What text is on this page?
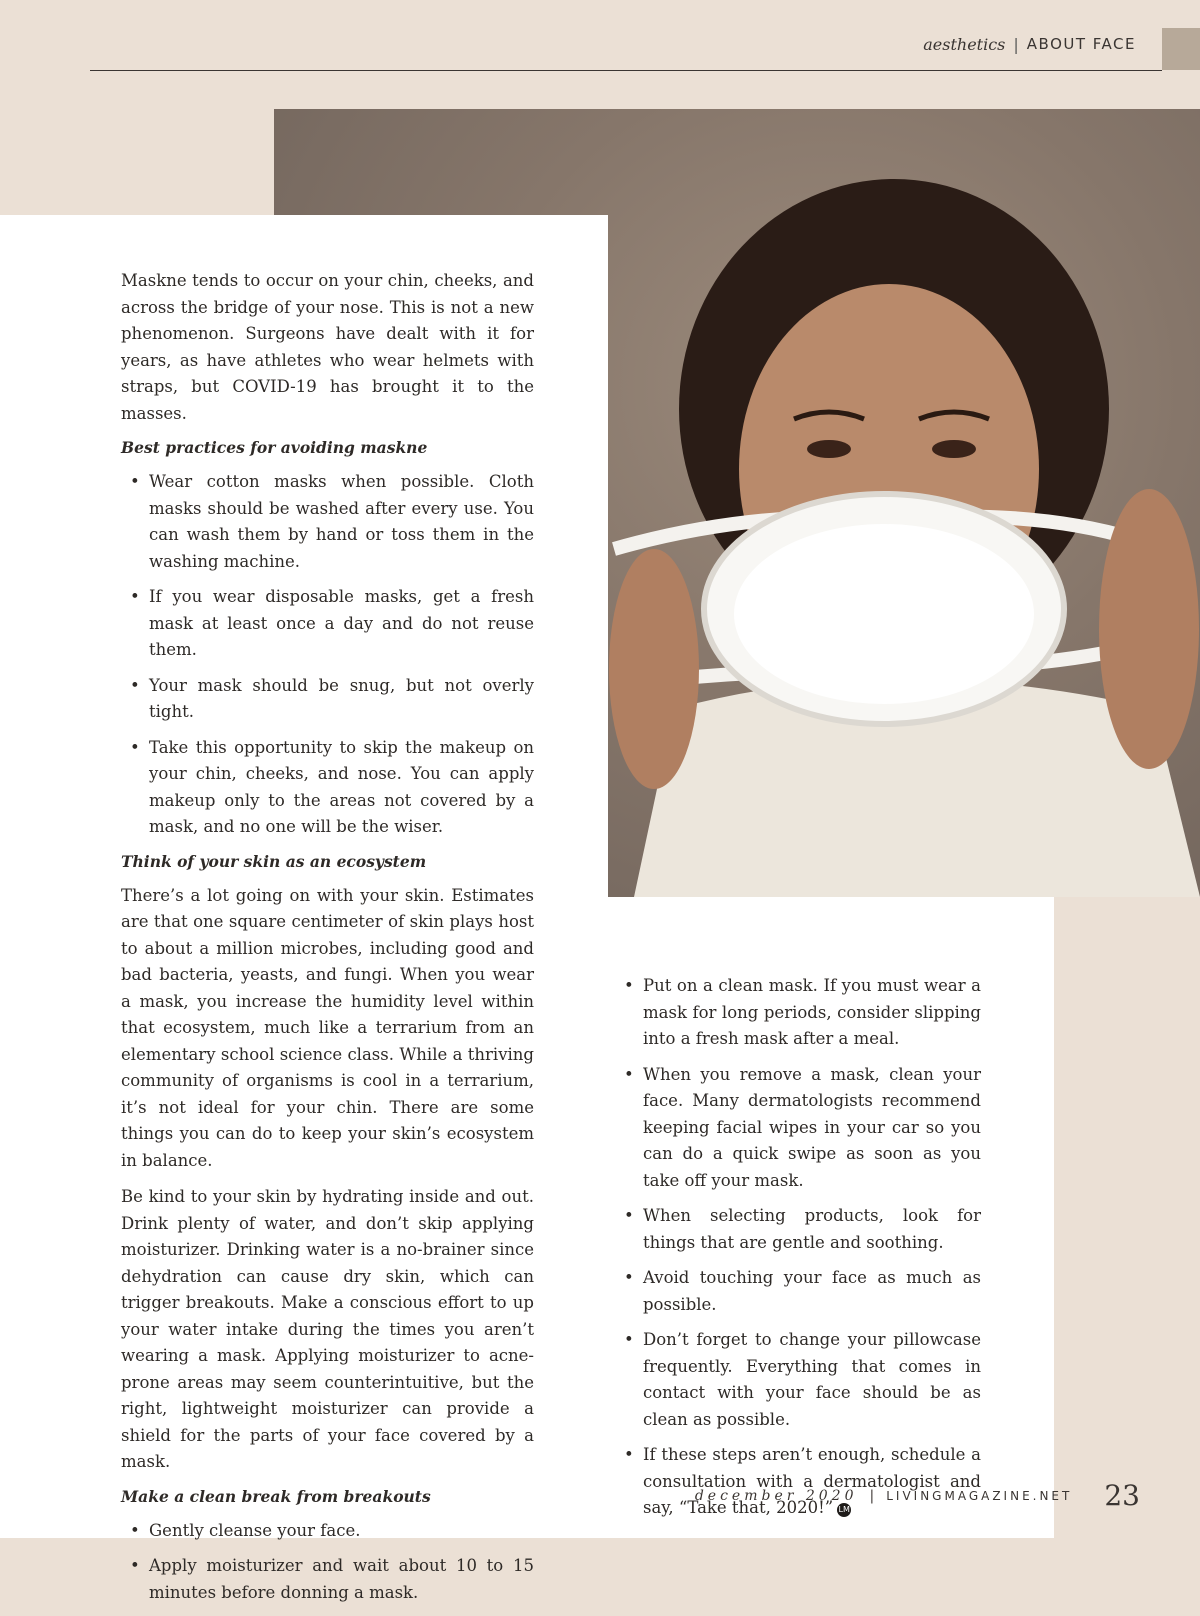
aesthetics | ABOUT FACE

Maskne tends to occur on your chin, cheeks, and across the bridge of your nose. This is not a new phenomenon. Surgeons have dealt with it for years, as have athletes who wear helmets with straps, but COVID-19 has brought it to the masses.

Best practices for avoiding maskne
• Wear cotton masks when possible. Cloth masks should be washed after every use. You can wash them by hand or toss them in the washing machine.
• If you wear disposable masks, get a fresh mask at least once a day and do not reuse them.
• Your mask should be snug, but not overly tight.
• Take this opportunity to skip the makeup on your chin, cheeks, and nose. You can apply makeup only to the areas not covered by a mask, and no one will be the wiser.
Think of your skin as an ecosystem

There’s a lot going on with your skin. Estimates are that one square centimeter of skin plays host to about a million microbes, including good and bad bacteria, yeasts, and fungi. When you wear a mask, you increase the humidity level within that ecosystem, much like a terrarium from an elementary school science class. While a thriving community of organisms is cool in a terrarium, it’s not ideal for your chin. There are some things you can do to keep your skin’s ecosystem in balance.

Be kind to your skin by hydrating inside and out. Drink plenty of water, and don’t skip applying moisturizer. Drinking water is a no-brainer since dehydration can cause dry skin, which can trigger breakouts. Make a conscious effort to up your water intake during the times you aren’t wearing a mask. Applying moisturizer to acne-prone areas may seem counterintuitive, but the right, lightweight moisturizer can provide a shield for the parts of your face covered by a mask.

Make a clean break from breakouts
• Gently cleanse your face.
• Apply moisturizer and wait about 10 to 15 minutes before donning a mask.
• Put on a clean mask. If you must wear a mask for long periods, consider slipping into a fresh mask after a meal.
• When you remove a mask, clean your face. Many dermatologists recommend keeping facial wipes in your car so you can do a quick swipe as soon as you take off your mask.
• When selecting products, look for things that are gentle and soothing.
• Avoid touching your face as much as possible.
• Don’t forget to change your pillowcase frequently. Everything that comes in contact with your face should be as clean as possible.
• If these steps aren’t enough, schedule a consultation with a dermatologist and say, “Take that, 2020!” LM
december 2020 | LIVINGMAGAZINE.NET 23
